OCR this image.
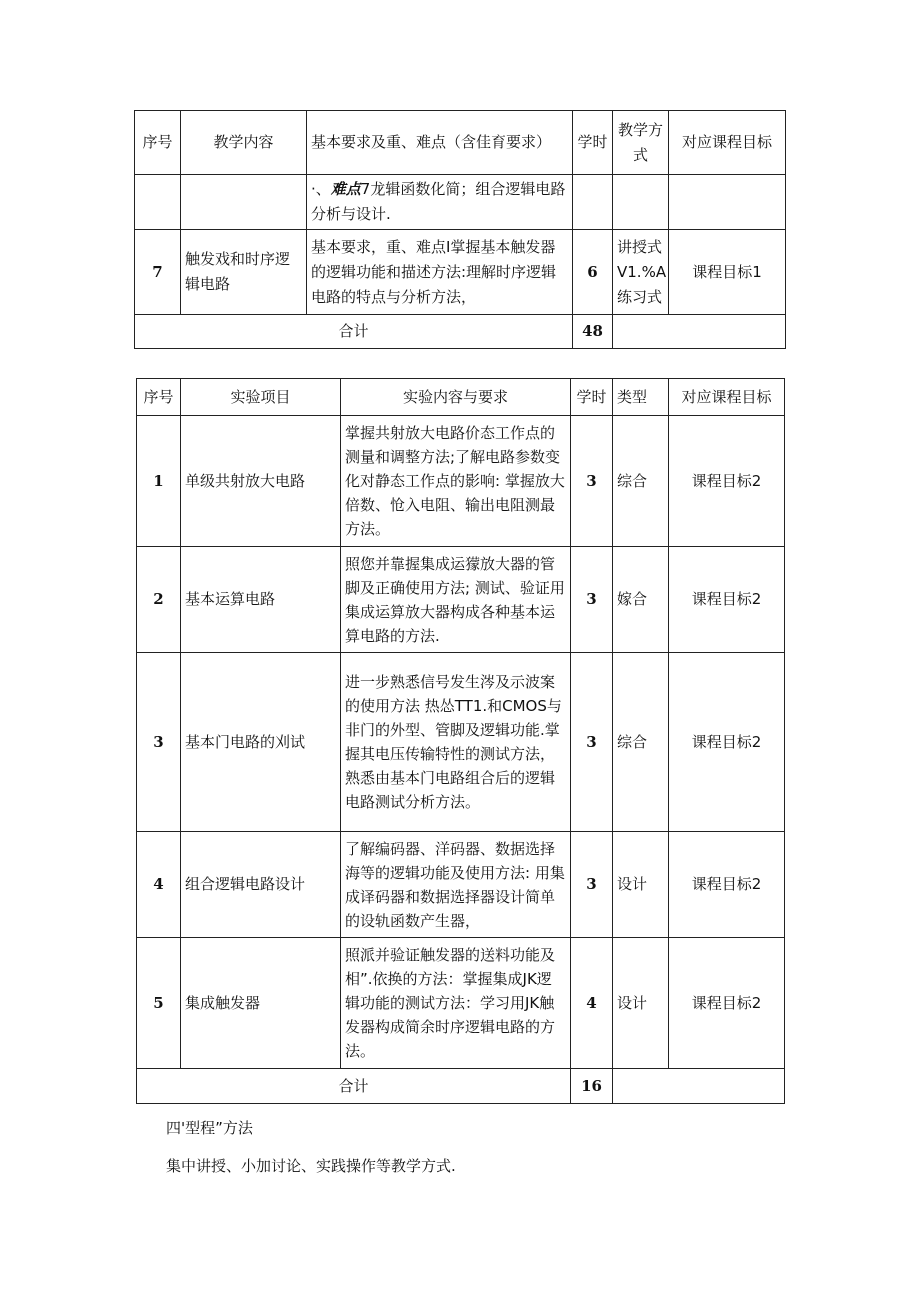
序号	教学内容	基本要求及重、难点（含佳育要求）	学时	教学方式	对应课程目标
		·、难点7龙辑函数化简；组合逻辑电路分析与设计.			
7	触发戏和时序逻辑电路	基本要求，重、难点I掌握基本触发器的逻辑功能和描述方法:理解时序逻辑电路的特点与分析方法，	6	讲授式V1.%A练习式	课程目标1
合计			48		
序号	实验项目	实验内容与要求	学时	类型	对应课程目标
1	单级共射放大电路	掌握共射放大电路价态工作点的测量和调整方法;了解电路参数变化对静态工作点的影响: 掌握放大倍数、怆入电阻、输出电阻测最方法。	3	综合	课程目标2
2	基本运算电路	照您并靠握集成运獴放大器的管脚及正确使用方法; 测试、验证用集成运算放大器构成各种基本运算电路的方法.	3	嫁合	课程目标2
3	基本门电路的刈试	进一步熟悉信号发生涔及示波案的使用方法 热怂TT1.和CMOS与非门的外型、管脚及逻辑功能.掌握其电压传输特性的测试方法，熟悉由基本门电路组合后的逻辑电路测试分析方法。	3	综合	课程目标2
4	组合逻辑电路设计	了解编码器、洋码器、数据选择海等的逻辑功能及使用方法: 用集成译码器和数据选择器设计简单的设轨函数产生器，	3	设计	课程目标2
5	集成触发器	照派并验证触发器的送料功能及相”.依换的方法：掌握集成JK逻辑功能的测试方法：学习用JK触发器构成简余时序逻辑电路的方法。	4	设计	课程目标2
合计			16		
四'型程”方法
集中讲授、小加讨论、实践操作等教学方式.
